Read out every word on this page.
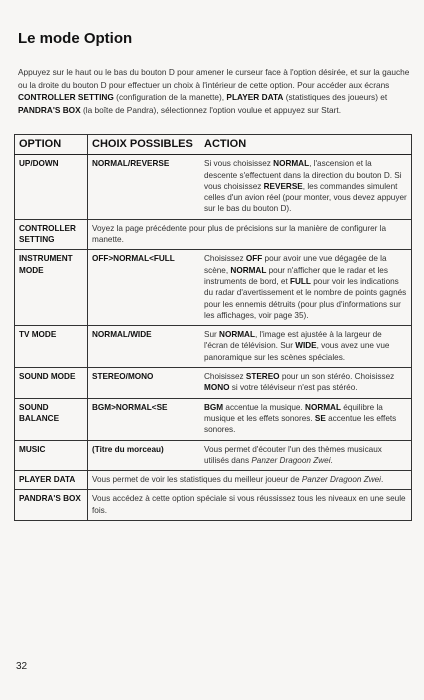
Le mode Option

Appuyez sur le haut ou le bas du bouton D pour amener le curseur face à l'option désirée, et sur la gauche ou la droite du bouton D pour effectuer un choix à l'intérieur de cette option. Pour accéder aux écrans CONTROLLER SETTING (configuration de la manette), PLAYER DATA (statistiques des joueurs) et PANDRA'S BOX (la boîte de Pandra), sélectionnez l'option voulue et appuyez sur Start.

OPTION	CHOIX POSSIBLES	ACTION
UP/DOWN	NORMAL/REVERSE	Si vous choisissez NORMAL, l'ascension et la descente s'effectuent dans la direction du bouton D. Si vous choisissez REVERSE, les commandes simulent celles d'un avion réel (pour monter, vous devez appuyer sur le bas du bouton D).
CONTROLLER SETTING	Voyez la page précédente pour plus de précisions sur la manière de configurer la manette.	
INSTRUMENT MODE	OFF>NORMAL<FULL	Choisissez OFF pour avoir une vue dégagée de la scène, NORMAL pour n'afficher que le radar et les instruments de bord, et FULL pour voir les indications du radar d'avertissement et le nombre de points gagnés pour les ennemis détruits (pour plus d'informations sur les affichages, voir page 35).
TV MODE	NORMAL/WIDE	Sur NORMAL, l'image est ajustée à la largeur de l'écran de télévision. Sur WIDE, vous avez une vue panoramique sur les scènes spéciales.
SOUND MODE	STEREO/MONO	Choisissez STEREO pour un son stéréo. Choisissez MONO si votre téléviseur n'est pas stéréo.
SOUND BALANCE	BGM>NORMAL<SE	BGM accentue la musique. NORMAL équilibre la musique et les effets sonores. SE accentue les effets sonores.
MUSIC	(Titre du morceau)	Vous permet d'écouter l'un des thèmes musicaux utilisés dans Panzer Dragoon Zwei.
PLAYER DATA	Vous permet de voir les statistiques du meilleur joueur de Panzer Dragoon Zwei.	
PANDRA'S BOX	Vous accédez à cette option spéciale si vous réussissez tous les niveaux en une seule fois.	
32
